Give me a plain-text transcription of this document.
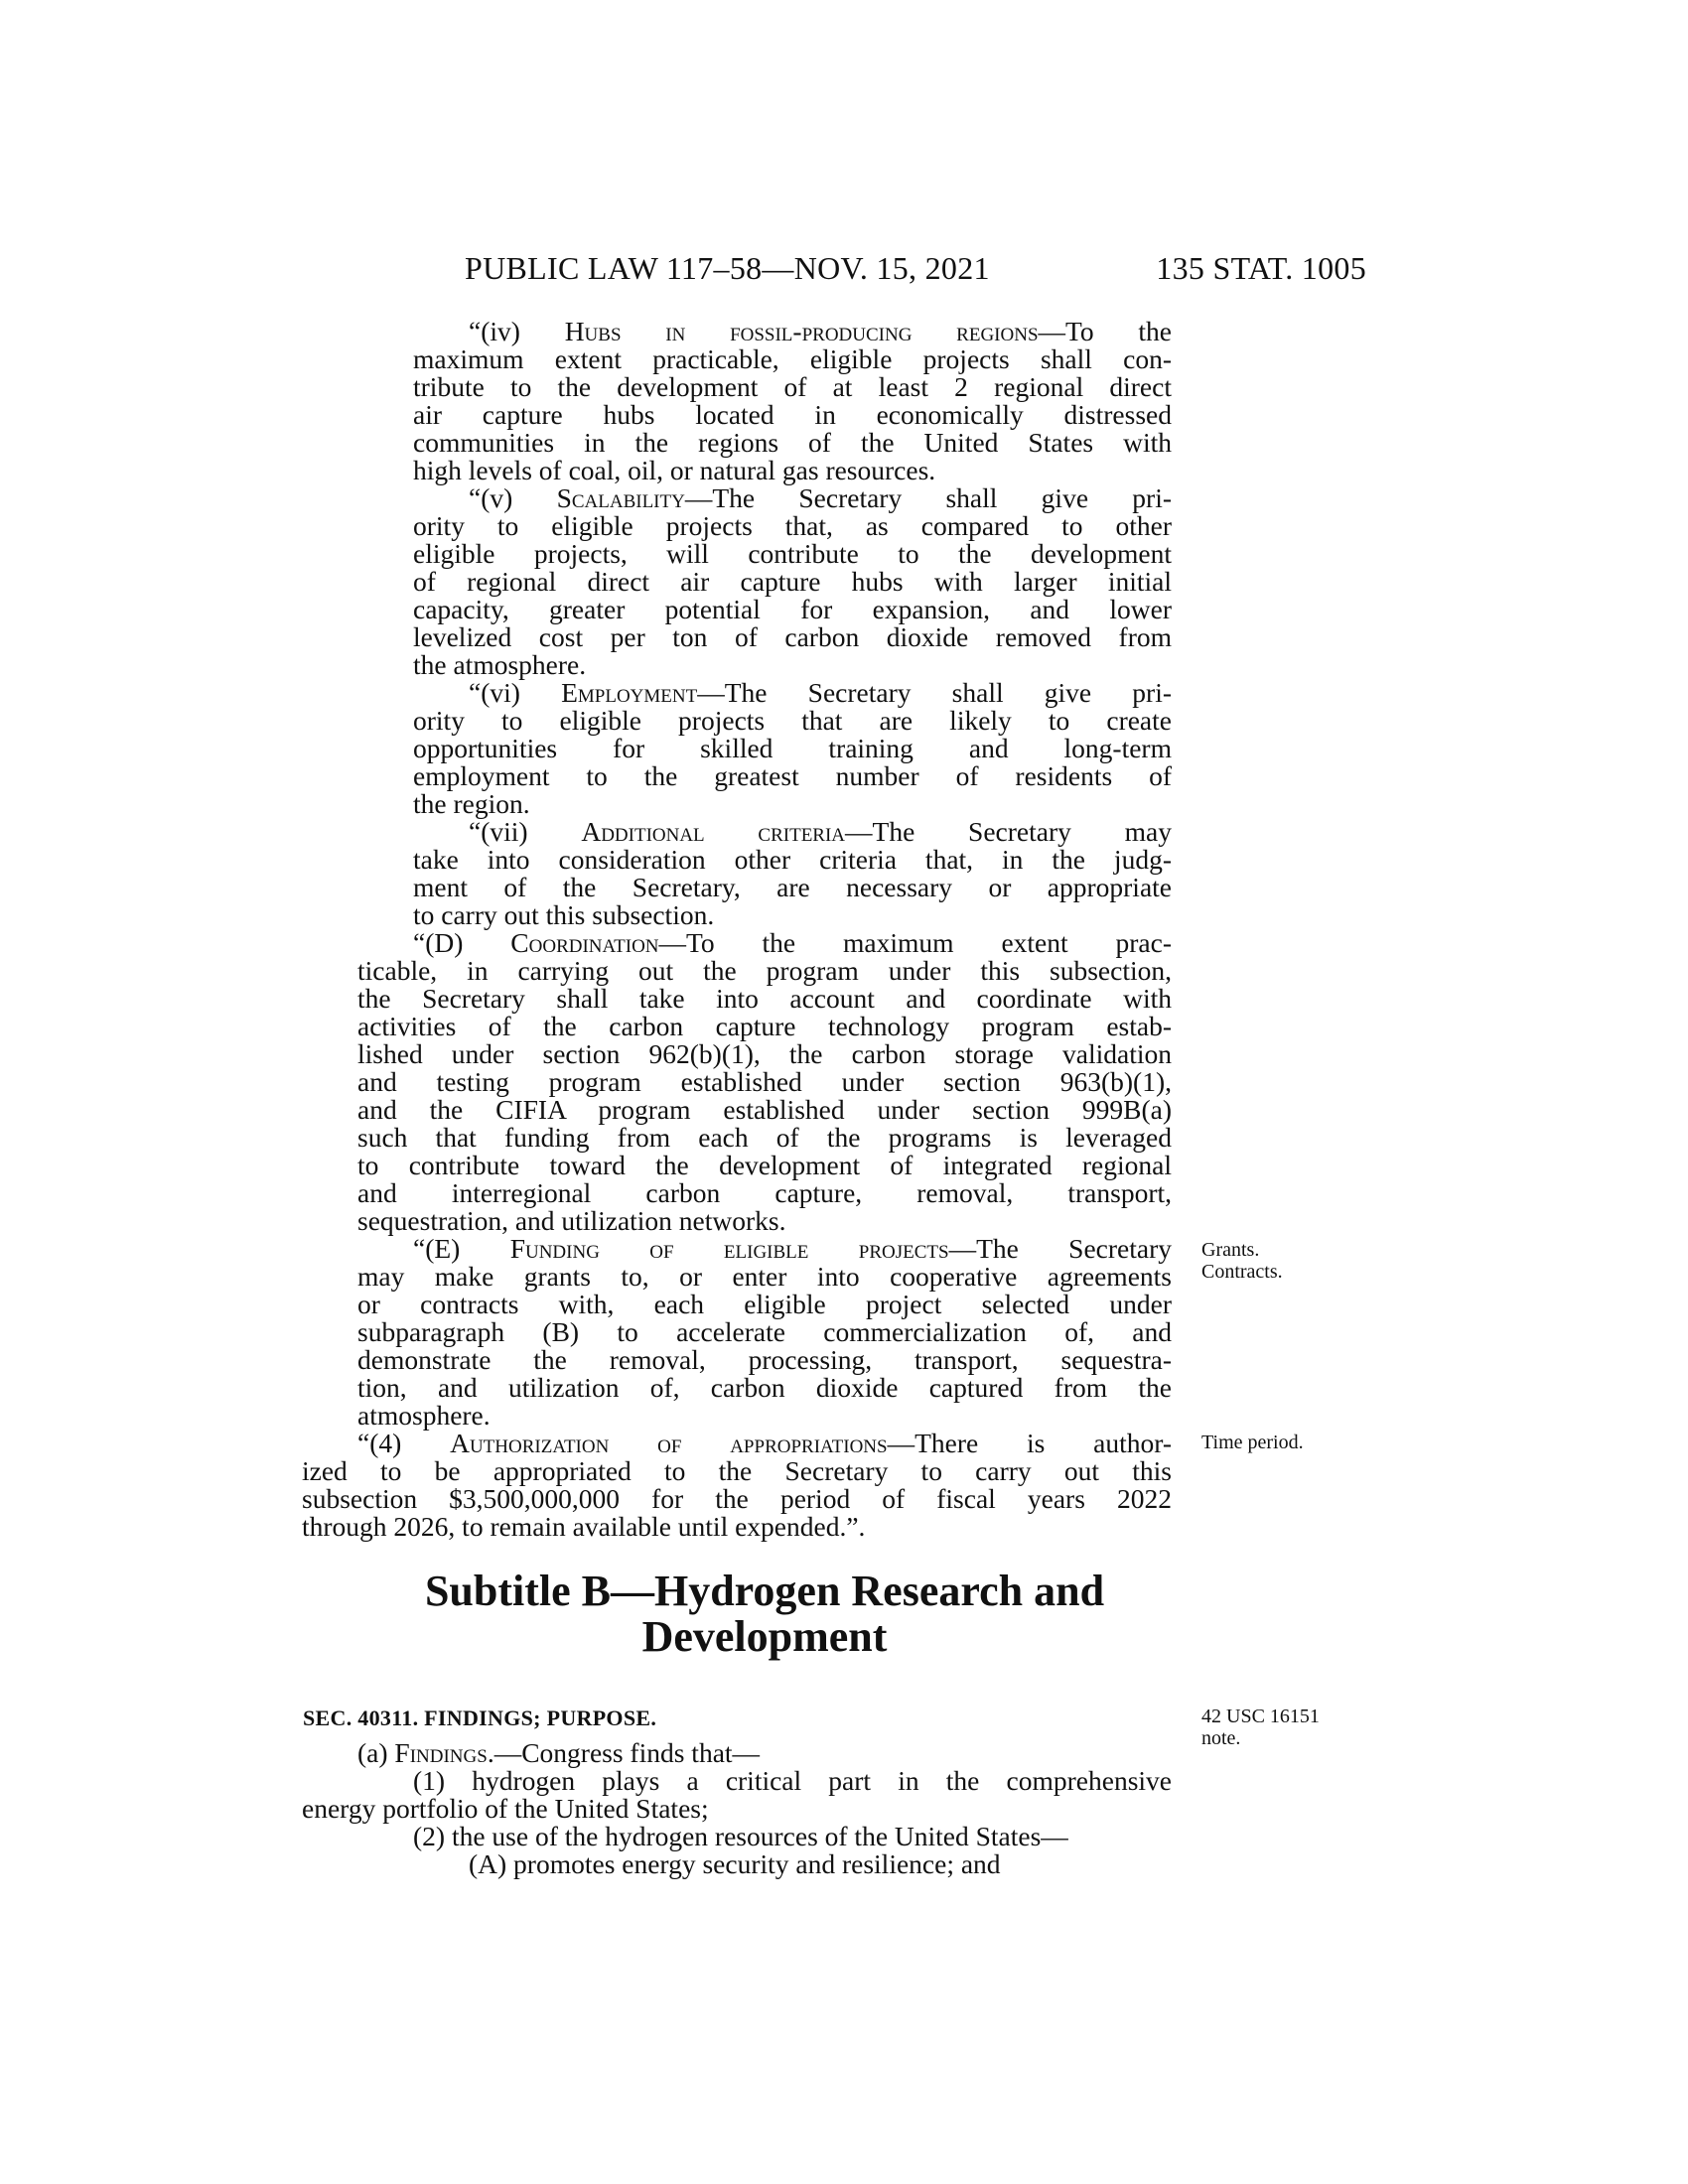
PUBLIC LAW 117–58—NOV. 15, 2021	135 STAT. 1005
“(iv) Hubs in fossil-producing regions—To the
maximum extent practicable, eligible projects shall con-
tribute to the development of at least 2 regional direct
air capture hubs located in economically distressed
communities in the regions of the United States with
high levels of coal, oil, or natural gas resources.
“(v) Scalability—The Secretary shall give pri-
ority to eligible projects that, as compared to other
eligible projects, will contribute to the development
of regional direct air capture hubs with larger initial
capacity, greater potential for expansion, and lower
levelized cost per ton of carbon dioxide removed from
the atmosphere.
“(vi) Employment—The Secretary shall give pri-
ority to eligible projects that are likely to create
opportunities for skilled training and long-term
employment to the greatest number of residents of
the region.
“(vii) Additional criteria—The Secretary may
take into consideration other criteria that, in the judg-
ment of the Secretary, are necessary or appropriate
to carry out this subsection.
“(D) Coordination—To the maximum extent prac-
ticable, in carrying out the program under this subsection,
the Secretary shall take into account and coordinate with
activities of the carbon capture technology program estab-
lished under section 962(b)(1), the carbon storage validation
and testing program established under section 963(b)(1),
and the CIFIA program established under section 999B(a)
such that funding from each of the programs is leveraged
to contribute toward the development of integrated regional
and interregional carbon capture, removal, transport,
sequestration, and utilization networks.
“(E) Funding of eligible projects—The Secretary
may make grants to, or enter into cooperative agreements
or contracts with, each eligible project selected under
subparagraph (B) to accelerate commercialization of, and
demonstrate the removal, processing, transport, sequestra-
tion, and utilization of, carbon dioxide captured from the
atmosphere.
“(4) Authorization of appropriations—There is author-
ized to be appropriated to the Secretary to carry out this
subsection $3,500,000,000 for the period of fiscal years 2022
through 2026, to remain available until expended.”.
Grants.
Contracts.
Time period.
42 USC 16151
note.
Subtitle B—Hydrogen Research and
Development
SEC. 40311. FINDINGS; PURPOSE.
(a) Findings.—Congress finds that—
(1) hydrogen plays a critical part in the comprehensive
energy portfolio of the United States;
(2) the use of the hydrogen resources of the United States—
(A) promotes energy security and resilience; and
